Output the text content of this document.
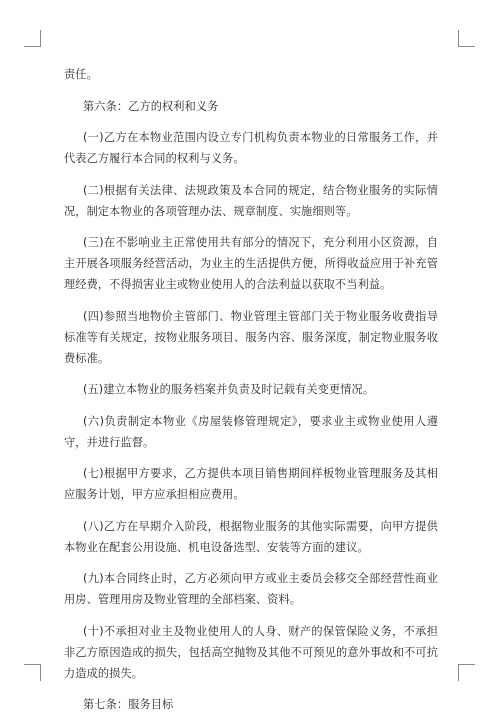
责任。

第六条：乙方的权利和义务

(一)乙方在本物业范围内设立专门机构负责本物业的日常服务工作，并代表乙方履行本合同的权利与义务。

(二)根据有关法律、法规政策及本合同的规定，结合物业服务的实际情况，制定本物业的各项管理办法、规章制度、实施细则等。

(三)在不影响业主正常使用共有部分的情况下，充分利用小区资源，自主开展各项服务经营活动，为业主的生活提供方便，所得收益应用于补充管理经费，不得损害业主或物业使用人的合法利益以获取不当利益。

(四)参照当地物价主管部门、物业管理主管部门关于物业服务收费指导标准等有关规定，按物业服务项目、服务内容、服务深度，制定物业服务收费标准。

(五)建立本物业的服务档案并负责及时记载有关变更情况。

(六)负责制定本物业《房屋装修管理规定》，要求业主或物业使用人遵守，并进行监督。

(七)根据甲方要求，乙方提供本项目销售期间样板物业管理服务及其相应服务计划，甲方应承担相应费用。

(八)乙方在早期介入阶段，根据物业服务的其他实际需要，向甲方提供本物业在配套公用设施、机电设备选型、安装等方面的建议。

(九)本合同终止时，乙方必须向甲方或业主委员会移交全部经营性商业用房、管理用房及物业管理的全部档案、资料。

(十)不承担对业主及物业使用人的人身、财产的保管保险义务，不承担非乙方原因造成的损失，包括高空抛物及其他不可预见的意外事故和不可抗力造成的损失。

第七条：服务目标
